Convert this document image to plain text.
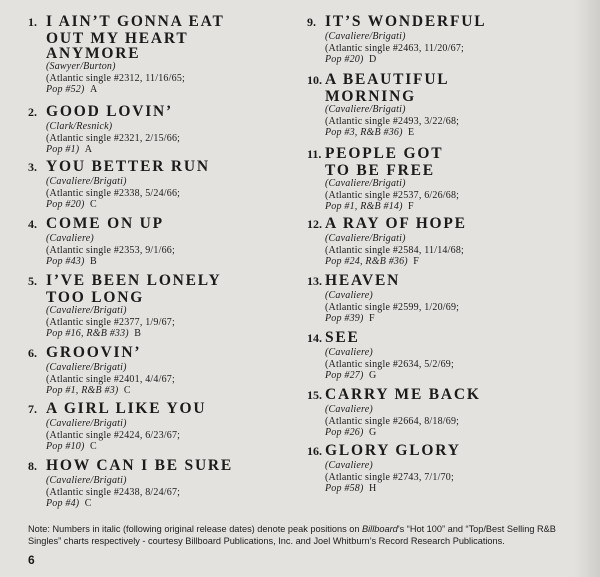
1. I AIN’T GONNA EAT
OUT MY HEART
ANYMORE
(Sawyer/Burton)
(Atlantic single #2312, 11/16/65;
Pop #52) A
2. GOOD LOVIN’
(Clark/Resnick)
(Atlantic single #2321, 2/15/66;
Pop #1) A
3. YOU BETTER RUN
(Cavaliere/Brigati)
(Atlantic single #2338, 5/24/66;
Pop #20) C
4. COME ON UP
(Cavaliere)
(Atlantic single #2353, 9/1/66;
Pop #43) B
5. I’VE BEEN LONELY
TOO LONG
(Cavaliere/Brigati)
(Atlantic single #2377, 1/9/67;
Pop #16, R&B #33) B
6. GROOVIN’
(Cavaliere/Brigati)
(Atlantic single #2401, 4/4/67;
Pop #1, R&B #3) C
7. A GIRL LIKE YOU
(Cavaliere/Brigati)
(Atlantic single #2424, 6/23/67;
Pop #10) C
8. HOW CAN I BE SURE
(Cavaliere/Brigati)
(Atlantic single #2438, 8/24/67;
Pop #4) C
9. IT’S WONDERFUL
(Cavaliere/Brigati)
(Atlantic single #2463, 11/20/67;
Pop #20) D
10. A BEAUTIFUL
MORNING
(Cavaliere/Brigati)
(Atlantic single #2493, 3/22/68;
Pop #3, R&B #36) E
11. PEOPLE GOT
TO BE FREE
(Cavaliere/Brigati)
(Atlantic single #2537, 6/26/68;
Pop #1, R&B #14) F
12. A RAY OF HOPE
(Cavaliere/Brigati)
(Atlantic single #2584, 11/14/68;
Pop #24, R&B #36) F
13. HEAVEN
(Cavaliere)
(Atlantic single #2599, 1/20/69;
Pop #39) F
14. SEE
(Cavaliere)
(Atlantic single #2634, 5/2/69;
Pop #27) G
15. CARRY ME BACK
(Cavaliere)
(Atlantic single #2664, 8/18/69;
Pop #26) G
16. GLORY GLORY
(Cavaliere)
(Atlantic single #2743, 7/1/70;
Pop #58) H
Note: Numbers in italic (following original release dates) denote peak positions on Billboard’s “Hot 100” and “Top/Best Selling R&B Singles” charts respectively - courtesy Billboard Publications, Inc. and Joel Whitburn’s Record Research Publications.
6
